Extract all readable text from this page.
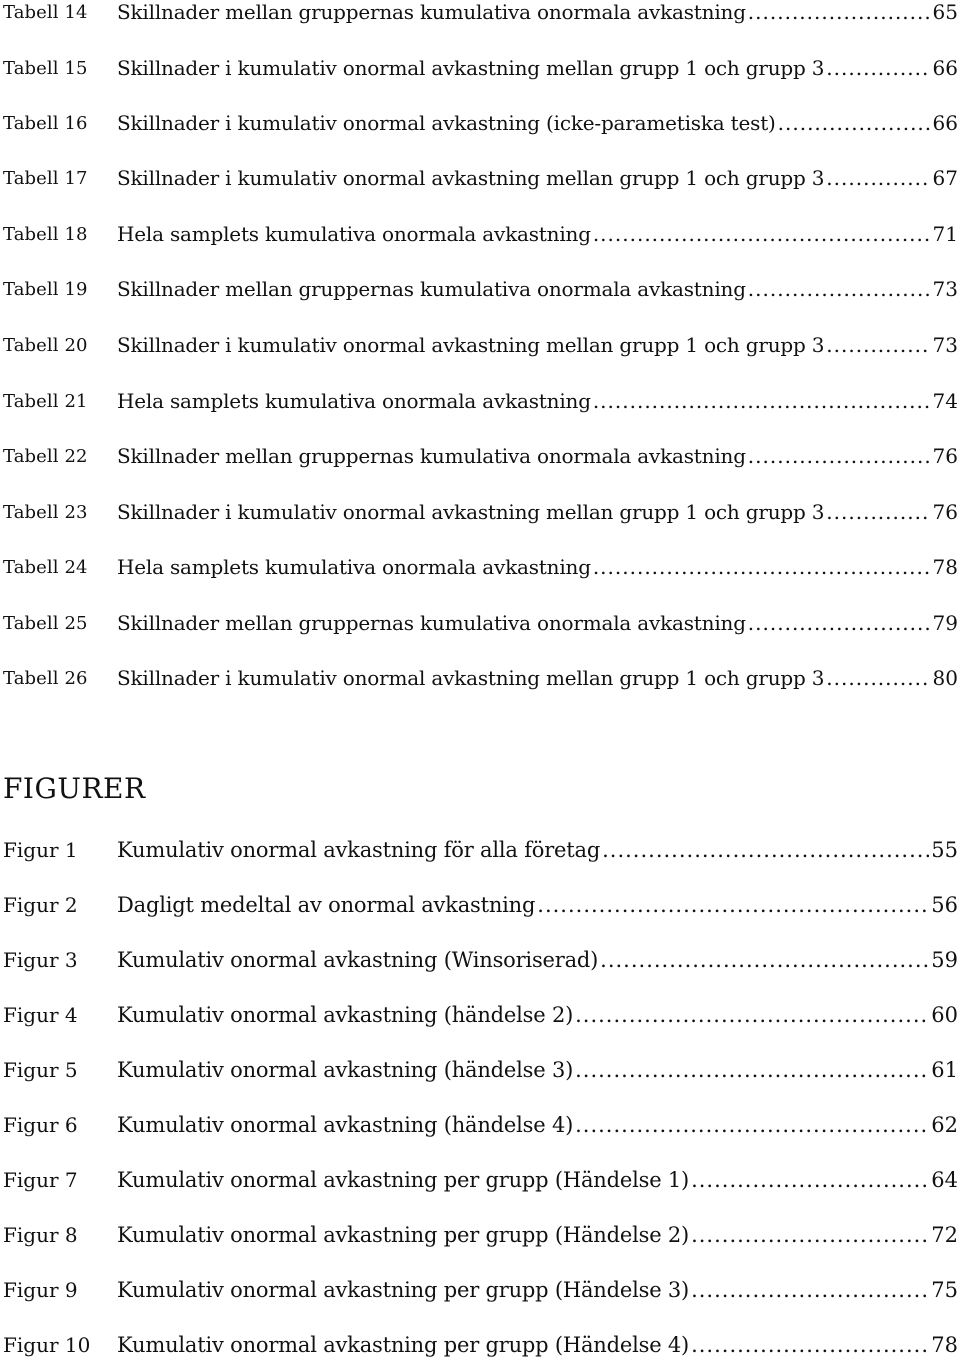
Tabell 14 Skillnader mellan gruppernas kumulativa onormala avkastning .....	65
Tabell 15 Skillnader i kumulativ onormal avkastning mellan grupp 1 och grupp 3 .....	66
Tabell 16 Skillnader i kumulativ onormal avkastning (icke-parametiska test) .....	66
Tabell 17 Skillnader i kumulativ onormal avkastning mellan grupp 1 och grupp 3 .....	67
Tabell 18 Hela samplets kumulativa onormala avkastning .....	71
Tabell 19 Skillnader mellan gruppernas kumulativa onormala avkastning .....	73
Tabell 20 Skillnader i kumulativ onormal avkastning mellan grupp 1 och grupp 3 .....	73
Tabell 21 Hela samplets kumulativa onormala avkastning .....	74
Tabell 22 Skillnader mellan gruppernas kumulativa onormala avkastning .....	76
Tabell 23 Skillnader i kumulativ onormal avkastning mellan grupp 1 och grupp 3 .....	76
Tabell 24 Hela samplets kumulativa onormala avkastning .....	78
Tabell 25 Skillnader mellan gruppernas kumulativa onormala avkastning .....	79
Tabell 26 Skillnader i kumulativ onormal avkastning mellan grupp 1 och grupp 3 .....	80
FIGURER
Figur 1 Kumulativ onormal avkastning för alla företag .....	55
Figur 2 Dagligt medeltal av onormal avkastning .....	56
Figur 3 Kumulativ onormal avkastning (Winsoriserad) .....	59
Figur 4 Kumulativ onormal avkastning (händelse 2) .....	60
Figur 5 Kumulativ onormal avkastning (händelse 3) .....	61
Figur 6 Kumulativ onormal avkastning (händelse 4) .....	62
Figur 7 Kumulativ onormal avkastning per grupp (Händelse 1) .....	64
Figur 8 Kumulativ onormal avkastning per grupp (Händelse 2) .....	72
Figur 9 Kumulativ onormal avkastning per grupp (Händelse 3) .....	75
Figur 10 Kumulativ onormal avkastning per grupp (Händelse 4) .....	78
